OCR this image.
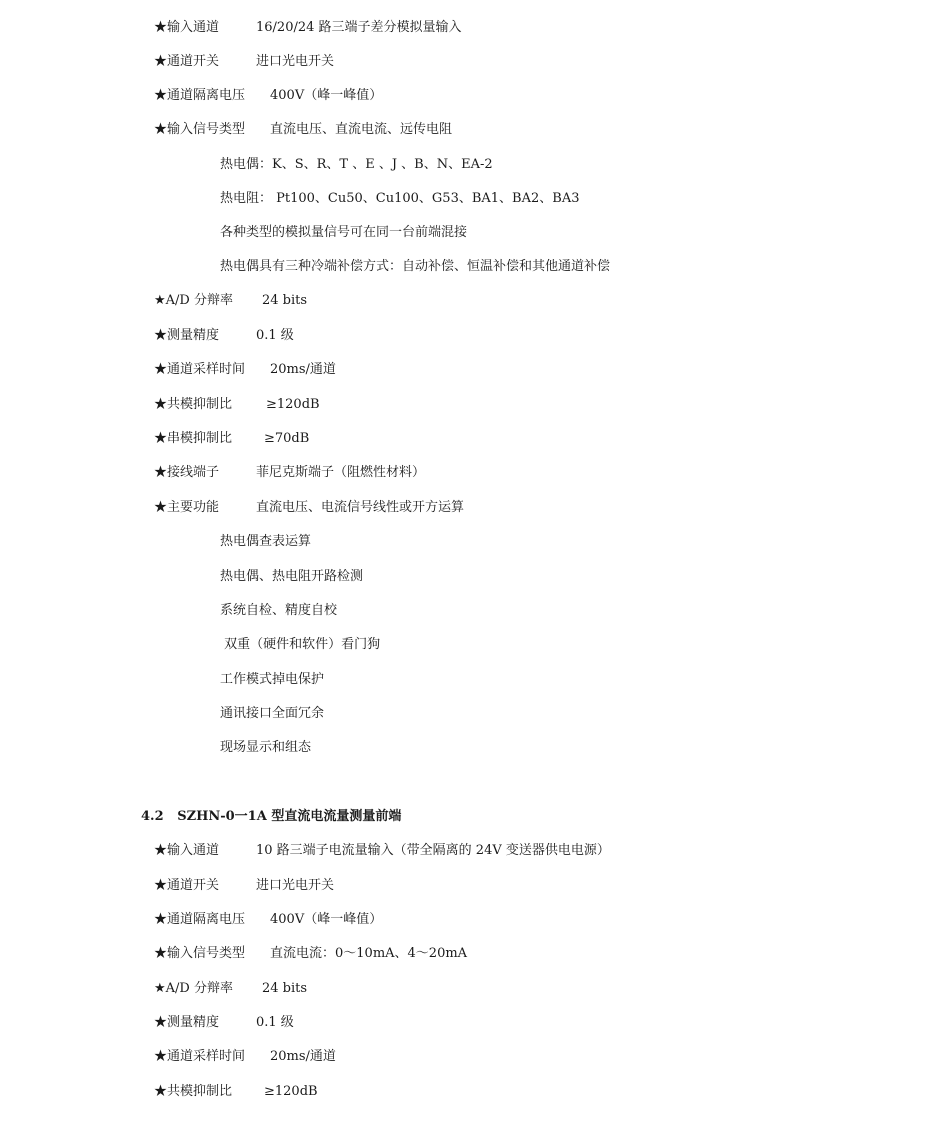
★输入通道	16/20/24 路三端子差分模拟量输入
★通道开关	进口光电开关
★通道隔离电压 400V（峰一峰值）
★输入信号类型 直流电压、直流电流、远传电阻
热电偶：K、S、R、T 、E 、J 、B、N、EA-2
热电阻： Pt100、Cu50、Cu100、G53、BA1、BA2、BA3
各种类型的模拟量信号可在同一台前端混接
热电偶具有三种冷端补偿方式：自动补偿、恒温补偿和其他通道补偿
★A/D 分辩率 24 bits
★测量精度	0.1 级
★通道采样时间 20ms/通道
★共模抑制比	≥120dB
★串模抑制比 ≥70dB
★接线端子	菲尼克斯端子（阻燃性材料）
★主要功能	直流电压、电流信号线性或开方运算
热电偶查表运算
热电偶、热电阻开路检测
系统自检、精度自校
双重（硬件和软件）看门狗
工作模式掉电保护
通讯接口全面冗余
现场显示和组态
4.2   SZHN-0一1A 型直流电流量测量前端
★输入通道	10 路三端子电流量输入（带全隔离的 24V 变送器供电电源）
★通道开关	进口光电开关
★通道隔离电压 400V（峰一峰值）
★输入信号类型 直流电流：0～10mA、4～20mA
★A/D 分辩率 24 bits
★测量精度	0.1 级
★通道采样时间 20ms/通道
★共模抑制比 ≥120dB
